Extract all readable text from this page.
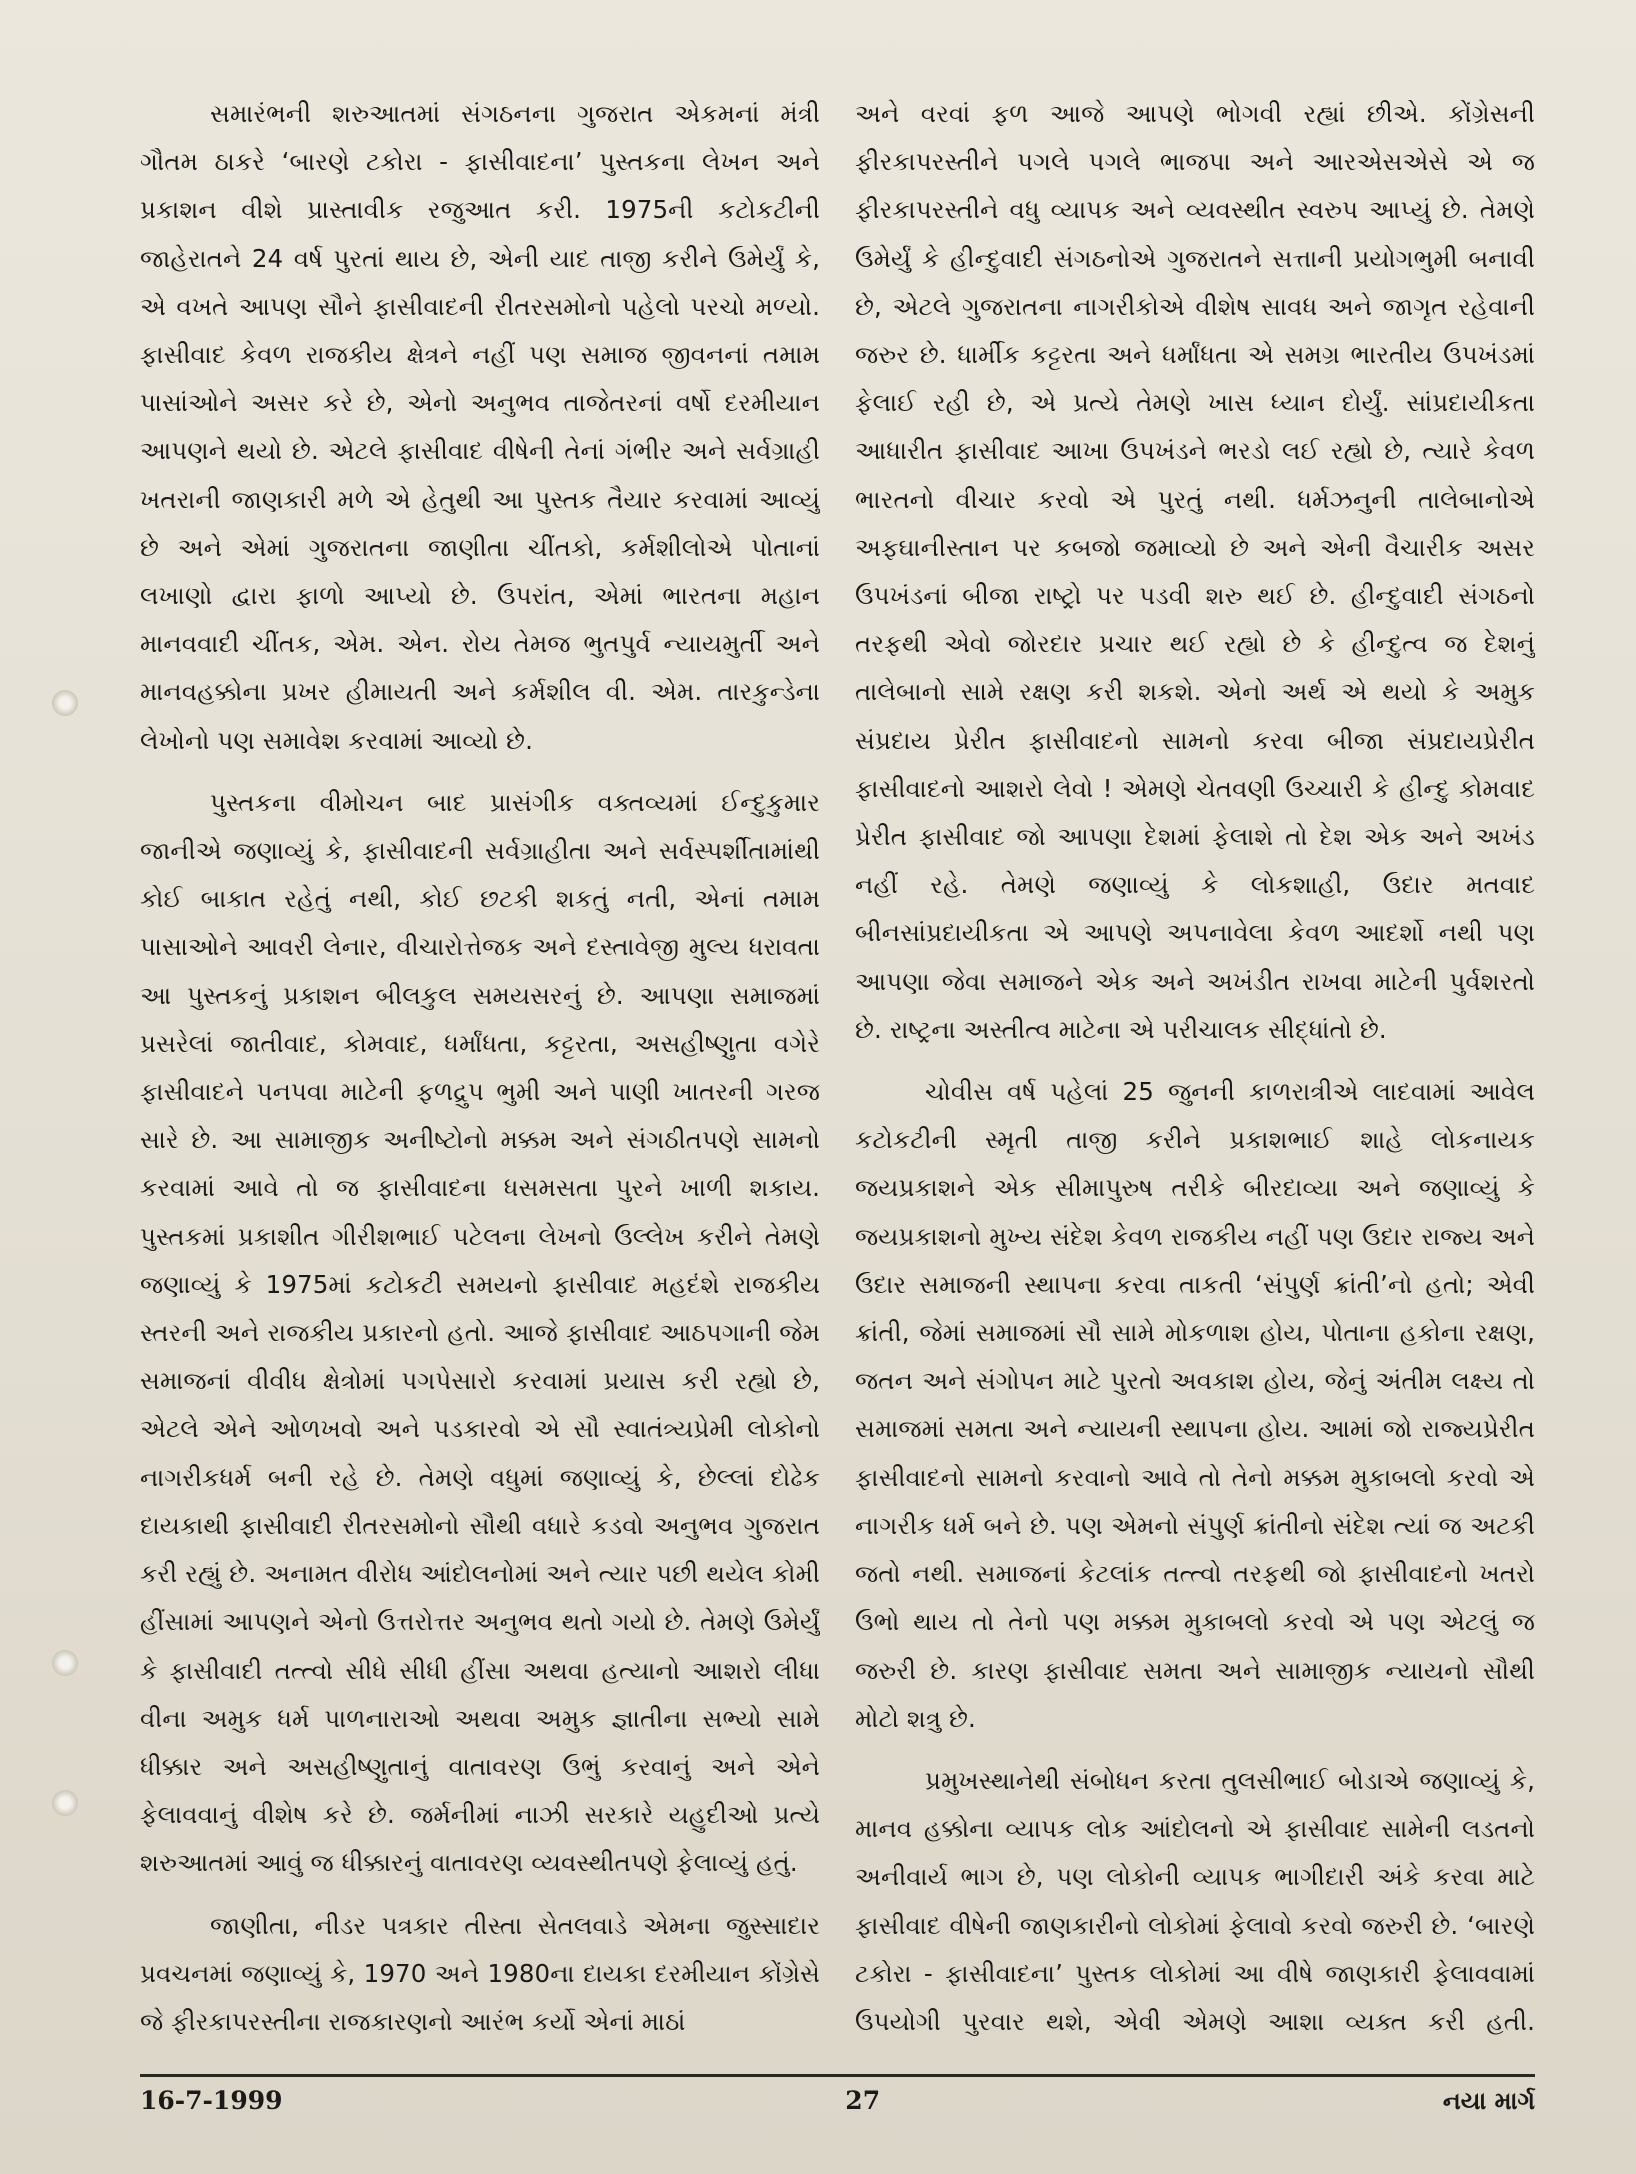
સમારંભની શરુઆતમાં સંગઠનના ગુજરાત એકમનાં મંત્રી ગૌતમ ઠાકરે ‘બારણે ટકોરા - ફાસીવાદના’ પુસ્તકના લેખન અને પ્રકાશન વીશે પ્રાસ્તાવીક રજુઆત કરી. 1975ની કટોકટીની જાહેરાતને 24 વર્ષ પુરતાં થાય છે, એની યાદ તાજી કરીને ઉમેર્યું કે, એ વખતે આપણ સૌને ફાસીવાદની રીતરસમોનો પહેલો પરચો મળ્યો. ફાસીવાદ કેવળ રાજકીય ક્ષેત્રને નહીં પણ સમાજ જીવનનાં તમામ પાસાંઓને અસર કરે છે, એનો અનુભવ તાજેતરનાં વર્ષો દરમીયાન આપણને થયો છે. એટલે ફાસીવાદ વીષેની તેનાં ગંભીર અને સર્વગ્રાહી ખતરાની જાણકારી મળે એ હેતુથી આ પુસ્તક તૈયાર કરવામાં આવ્યું છે અને એમાં ગુજરાતના જાણીતા ચીંતકો, કર્મશીલોએ પોતાનાં લખાણો દ્વારા ફાળો આપ્યો છે. ઉપરાંત, એમાં ભારતના મહાન માનવવાદી ચીંતક, એમ. એન. રોય તેમજ ભુતપુર્વ ન્યાયમુર્તી અને માનવહક્કોના પ્રખર હીમાયતી અને કર્મશીલ વી. એમ. તારકુન્ડેના લેખોનો પણ સમાવેશ કરવામાં આવ્યો છે.

પુસ્તકના વીમોચન બાદ પ્રાસંગીક વક્તવ્યમાં ઈન્દુકુમાર જાનીએ જણાવ્યું કે, ફાસીવાદની સર્વગ્રાહીતા અને સર્વસ્પર્શીતામાંથી કોઈ બાકાત રહેતું નથી, કોઈ છટકી શકતું નતી, એનાં તમામ પાસાઓને આવરી લેનાર, વીચારોત્તેજક અને દસ્તાવેજી મુલ્ય ધરાવતા આ પુસ્તકનું પ્રકાશન બીલકુલ સમયસરનું છે. આપણા સમાજમાં પ્રસરેલાં જાતીવાદ, કોમવાદ, ધર્માંધતા, કટ્ટરતા, અસહીષ્ણુતા વગેરે ફાસીવાદને પનપવા માટેની ફળદ્રુપ ભુમી અને પાણી ખાતરની ગરજ સારે છે. આ સામાજીક અનીષ્ટોનો મક્કમ અને સંગઠીતપણે સામનો કરવામાં આવે તો જ ફાસીવાદના ધસમસતા પુરને ખાળી શકાય. પુસ્તકમાં પ્રકાશીત ગીરીશભાઈ પટેલના લેખનો ઉલ્લેખ કરીને તેમણે જણાવ્યું કે 1975માં કટોકટી સમયનો ફાસીવાદ મહદંશે રાજકીય સ્તરની અને રાજકીય પ્રકારનો હતો. આજે ફાસીવાદ આઠપગાની જેમ સમાજનાં વીવીધ ક્ષેત્રોમાં પગપેસારો કરવામાં પ્રયાસ કરી રહ્યો છે, એટલે એને ઓળખવો અને પડકારવો એ સૌ સ્વાતંત્ર્યપ્રેમી લોકોનો નાગરીકધર્મ બની રહે છે. તેમણે વધુમાં જણાવ્યું કે, છેલ્લાં દોઢેક દાયકાથી ફાસીવાદી રીતરસમોનો સૌથી વધારે કડવો અનુભવ ગુજરાત કરી રહ્યું છે. અનામત વીરોધ આંદોલનોમાં અને ત્યાર પછી થયેલ કોમી હીંસામાં આપણને એનો ઉત્તરોત્તર અનુભવ થતો ગયો છે. તેમણે ઉમેર્યું કે ફાસીવાદી તત્ત્વો સીધે સીધી હીંસા અથવા હત્યાનો આશરો લીધા વીના અમુક ધર્મ પાળનારાઓ અથવા અમુક જ્ઞાતીના સભ્યો સામે ધીક્કાર અને અસહીષ્ણુતાનું વાતાવરણ ઉભું કરવાનું અને એને ફેલાવવાનું વીશેષ કરે છે. જર્મનીમાં નાઝી સરકારે યહુદીઓ પ્રત્યે શરુઆતમાં આવું જ ધીક્કારનું વાતાવરણ વ્યવસ્થીતપણે ફેલાવ્યું હતું.

જાણીતા, નીડર પત્રકાર તીસ્તા સેતલવાડે એમના જુસ્સાદાર પ્રવચનમાં જણાવ્યું કે, 1970 અને 1980ના દાયકા દરમીયાન કોંગ્રેસે જે ફીરકાપરસ્તીના રાજકારણનો આરંભ કર્યો એનાં માઠાં

અને વરવાં ફળ આજે આપણે ભોગવી રહ્યાં છીએ. કોંગ્રેસની ફીરકાપરસ્તીને પગલે પગલે ભાજપા અને આરએસએસે એ જ ફીરકાપરસ્તીને વધુ વ્યાપક અને વ્યવસ્થીત સ્વરુપ આપ્યું છે. તેમણે ઉમેર્યું કે હીન્દુવાદી સંગઠનોએ ગુજરાતને સત્તાની પ્રયોગભુમી બનાવી છે, એટલે ગુજરાતના નાગરીકોએ વીશેષ સાવધ અને જાગૃત રહેવાની જરુર છે. ધાર્મીક કટ્ટરતા અને ધર્માંધતા એ સમગ્ર ભારતીય ઉપખંડમાં ફેલાઈ રહી છે, એ પ્રત્યે તેમણે ખાસ ધ્યાન દોર્યું. સાંપ્રદાયીકતા આધારીત ફાસીવાદ આખા ઉપખંડને ભરડો લઈ રહ્યો છે, ત્યારે કેવળ ભારતનો વીચાર કરવો એ પુરતું નથી. ધર્મઝનુની તાલેબાનોએ અફઘાનીસ્તાન પર કબજો જમાવ્યો છે અને એની વૈચારીક અસર ઉપખંડનાં બીજા રાષ્ટ્રો પર પડવી શરુ થઈ છે. હીન્દુવાદી સંગઠનો તરફથી એવો જોરદાર પ્રચાર થઈ રહ્યો છે કે હીન્દુત્વ જ દેશનું તાલેબાનો સામે રક્ષણ કરી શકશે. એનો અર્થ એ થયો કે અમુક સંપ્રદાય પ્રેરીત ફાસીવાદનો સામનો કરવા બીજા સંપ્રદાયપ્રેરીત ફાસીવાદનો આશરો લેવો ! એમણે ચેતવણી ઉચ્ચારી કે હીન્દુ કોમવાદ પ્રેરીત ફાસીવાદ જો આપણા દેશમાં ફેલાશે તો દેશ એક અને અખંડ નહીં રહે. તેમણે જણાવ્યું કે લોકશાહી, ઉદાર મતવાદ બીનસાંપ્રદાયીકતા એ આપણે અપનાવેલા કેવળ આદર્શો નથી પણ આપણા જેવા સમાજને એક અને અખંડીત રાખવા માટેની પુર્વશરતો છે. રાષ્ટ્રના અસ્તીત્વ માટેના એ પરીચાલક સીદ્ધાંતો છે.

ચોવીસ વર્ષ પહેલાં 25 જુનની કાળરાત્રીએ લાદવામાં આવેલ કટોકટીની સ્મૃતી તાજી કરીને પ્રકાશભાઈ શાહે લોકનાયક જયપ્રકાશને એક સીમાપુરુષ તરીકે બીરદાવ્યા અને જણાવ્યું કે જયપ્રકાશનો મુખ્ય સંદેશ કેવળ રાજકીય નહીં પણ ઉદાર રાજ્ય અને ઉદાર સમાજની સ્થાપના કરવા તાકતી ‘સંપુર્ણ ક્રાંતી’નો હતો; એવી ક્રાંતી, જેમાં સમાજમાં સૌ સામે મોકળાશ હોય, પોતાના હકોના રક્ષણ, જતન અને સંગોપન માટે પુરતો અવકાશ હોય, જેનું અંતીમ લક્ષ્ય તો સમાજમાં સમતા અને ન્યાયની સ્થાપના હોય. આમાં જો રાજ્યપ્રેરીત ફાસીવાદનો સામનો કરવાનો આવે તો તેનો મક્કમ મુકાબલો કરવો એ નાગરીક ધર્મ બને છે. પણ એમનો સંપુર્ણ ક્રાંતીનો સંદેશ ત્યાં જ અટકી જતો નથી. સમાજનાં કેટલાંક તત્ત્વો તરફથી જો ફાસીવાદનો ખતરો ઉભો થાય તો તેનો પણ મક્કમ મુકાબલો કરવો એ પણ એટલું જ જરુરી છે. કારણ ફાસીવાદ સમતા અને સામાજીક ન્યાયનો સૌથી મોટો શત્રુ છે.

પ્રમુખસ્થાનેથી સંબોધન કરતા તુલસીભાઈ બોડાએ જણાવ્યું કે, માનવ હક્કોના વ્યાપક લોક આંદોલનો એ ફાસીવાદ સામેની લડતનો અનીવાર્ય ભાગ છે, પણ લોકોની વ્યાપક ભાગીદારી અંકે કરવા માટે ફાસીવાદ વીષેની જાણકારીનો લોકોમાં ફેલાવો કરવો જરુરી છે. ‘બારણે ટકોરા - ફાસીવાદના’ પુસ્તક લોકોમાં આ વીષે જાણકારી ફેલાવવામાં ઉપયોગી પુરવાર થશે, એવી એમણે આશા વ્યક્ત કરી હતી.

16-7-1999	27	નયા માર્ગ
